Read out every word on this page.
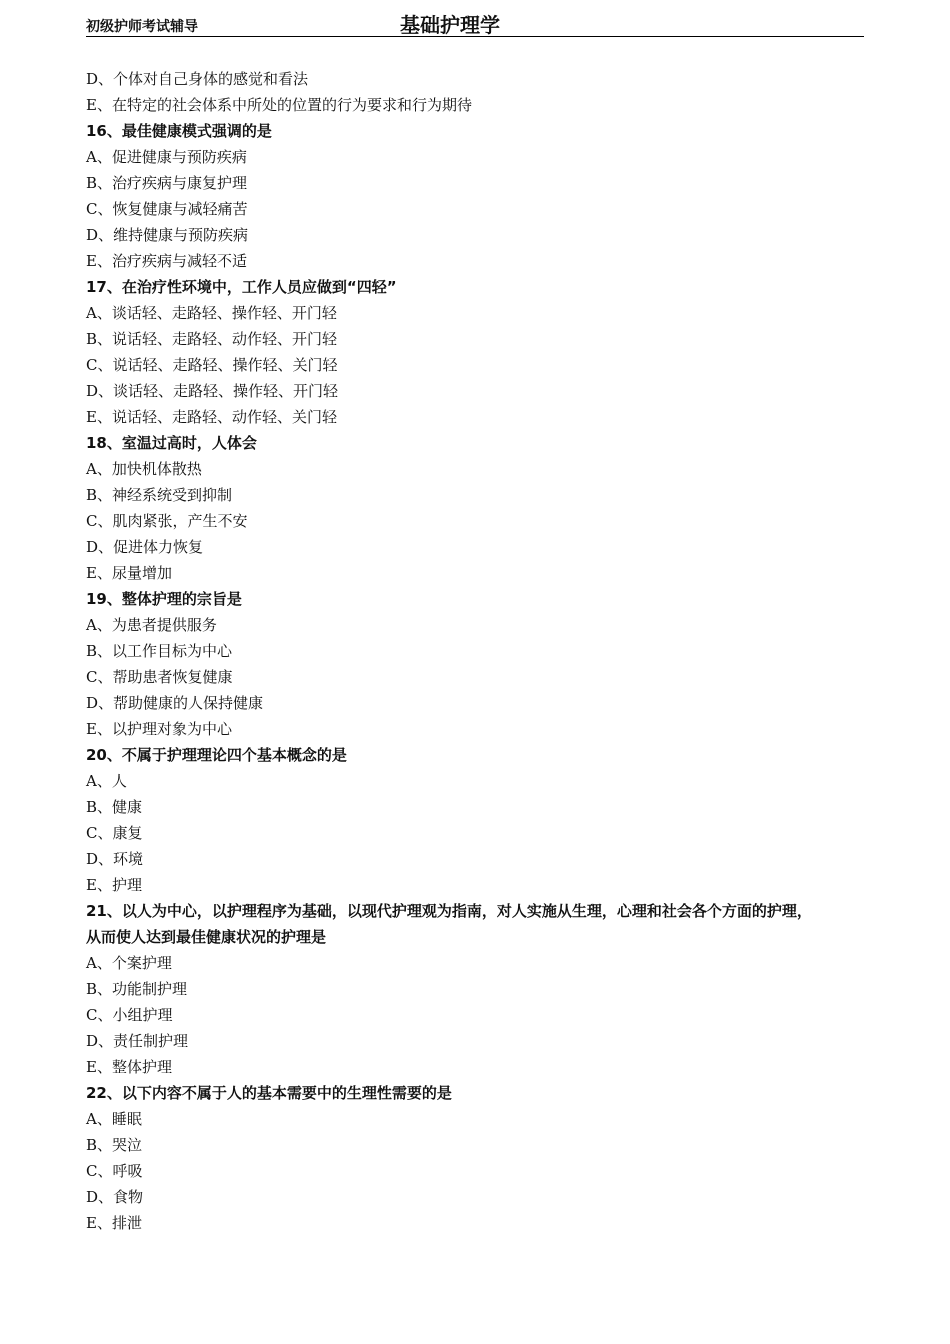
初级护师考试辅导	基础护理学
D、个体对自己身体的感觉和看法
E、在特定的社会体系中所处的位置的行为要求和行为期待
16、最佳健康模式强调的是
A、促进健康与预防疾病
B、治疗疾病与康复护理
C、恢复健康与减轻痛苦
D、维持健康与预防疾病
E、治疗疾病与减轻不适
17、在治疗性环境中，工作人员应做到“四轻”
A、谈话轻、走路轻、操作轻、开门轻
B、说话轻、走路轻、动作轻、开门轻
C、说话轻、走路轻、操作轻、关门轻
D、谈话轻、走路轻、操作轻、开门轻
E、说话轻、走路轻、动作轻、关门轻
18、室温过高时，人体会
A、加快机体散热
B、神经系统受到抑制
C、肌肉紧张，产生不安
D、促进体力恢复
E、尿量增加
19、整体护理的宗旨是
A、为患者提供服务
B、以工作目标为中心
C、帮助患者恢复健康
D、帮助健康的人保持健康
E、以护理对象为中心
20、不属于护理理论四个基本概念的是
A、人
B、健康
C、康复
D、环境
E、护理
21、以人为中心，以护理程序为基础，以现代护理观为指南，对人实施从生理，心理和社会各个方面的护理，
从而使人达到最佳健康状况的护理是
A、个案护理
B、功能制护理
C、小组护理
D、责任制护理
E、整体护理
22、以下内容不属于人的基本需要中的生理性需要的是
A、睡眠
B、哭泣
C、呼吸
D、食物
E、排泄
